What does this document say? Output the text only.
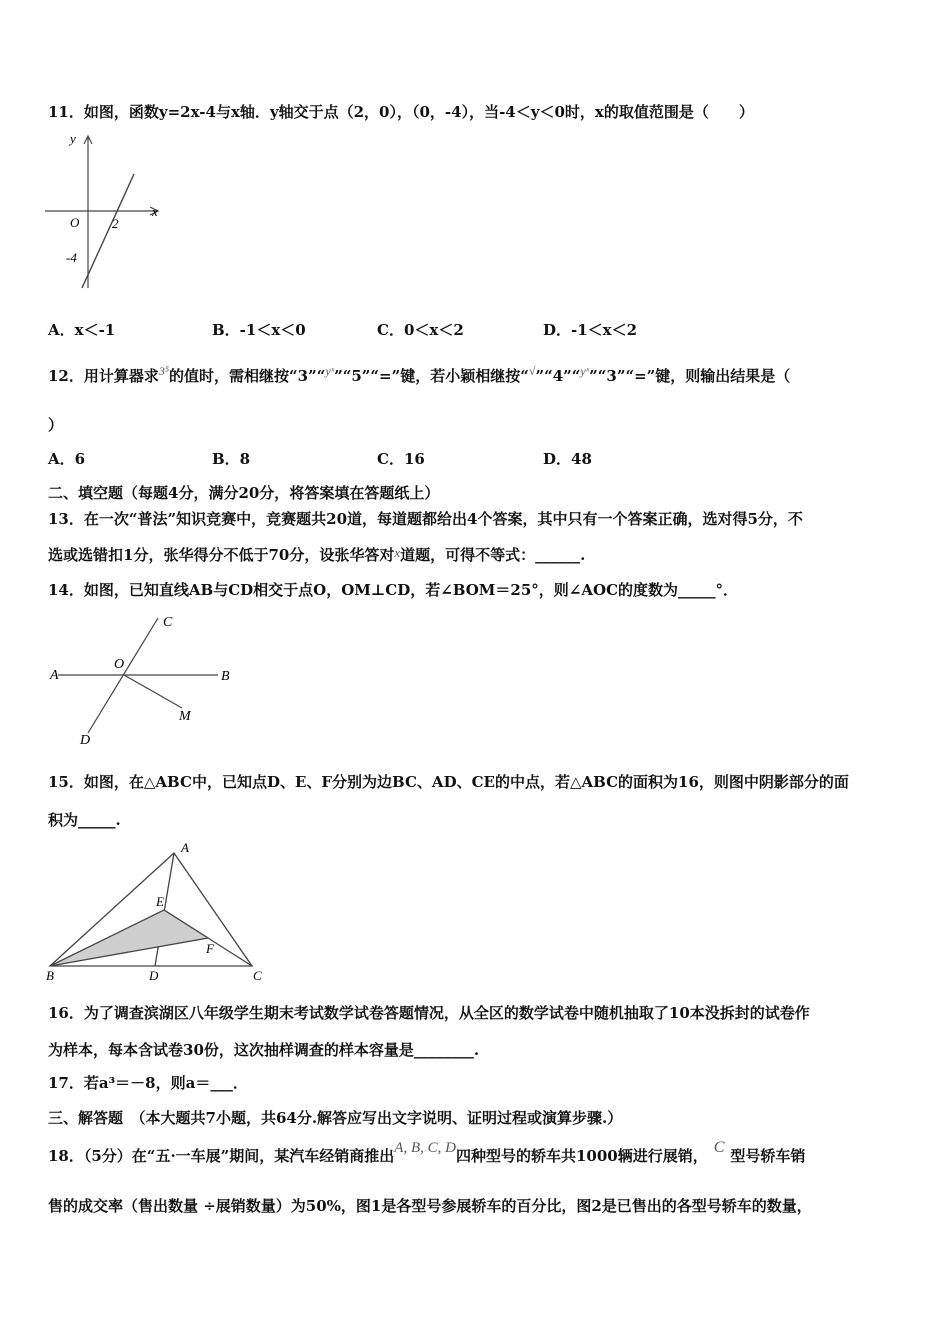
11．如图，函数y=2x-4与x轴．y轴交于点（2，0），（0，-4），当-4＜y＜0时，x的取值范围是（　　）
y
x
O	2
-4
A．x＜-1	B．-1＜x＜0	C．0＜x＜2	D．-1＜x＜2
12．用计算器求$^{3^5}$的值时，需相继按“3”“$^{yˣ}$”“5”“=”键，若小颖相继按“√”“4”“$^{yˣ}$”“3”“=”键，则输出结果是（
）
A．6	B．8	C．16	D．48
二、填空题（每题4分，满分20分，将答案填在答题纸上）
13．在一次“普法”知识竞赛中，竞赛题共20道，每道题都给出4个答案，其中只有一个答案正确，选对得5分，不
选或选错扣1分，张华得分不低于70分，设张华答对x道题，可得不等式：______.
14．如图，已知直线AB与CD相交于点O，OM⊥CD，若∠BOM＝25°，则∠AOC的度数为_____°．
A	B
C
D
O
M
15．如图，在△ABC中，已知点D、E、F分别为边BC、AD、CE的中点，若△ABC的面积为16，则图中阴影部分的面
积为_____.
A
B	C
D
E
F
16．为了调查滨湖区八年级学生期末考试数学试卷答题情况，从全区的数学试卷中随机抽取了10本没拆封的试卷作
为样本，每本含试卷30份，这次抽样调查的样本容量是________.
17．若a³＝－8，则a＝___．
三、解答题　（本大题共7小题，共64分.解答应写出文字说明、证明过程或演算步骤.）
18．（5分）在“五·一车展”期间，某汽车经销商推出A, B, C, D四种型号的轿车共1000辆进行展销， C 型号轿车销
售的成交率（售出数量 ÷展销数量）为50%，图1是各型号参展轿车的百分比，图2是已售出的各型号轿车的数量，
